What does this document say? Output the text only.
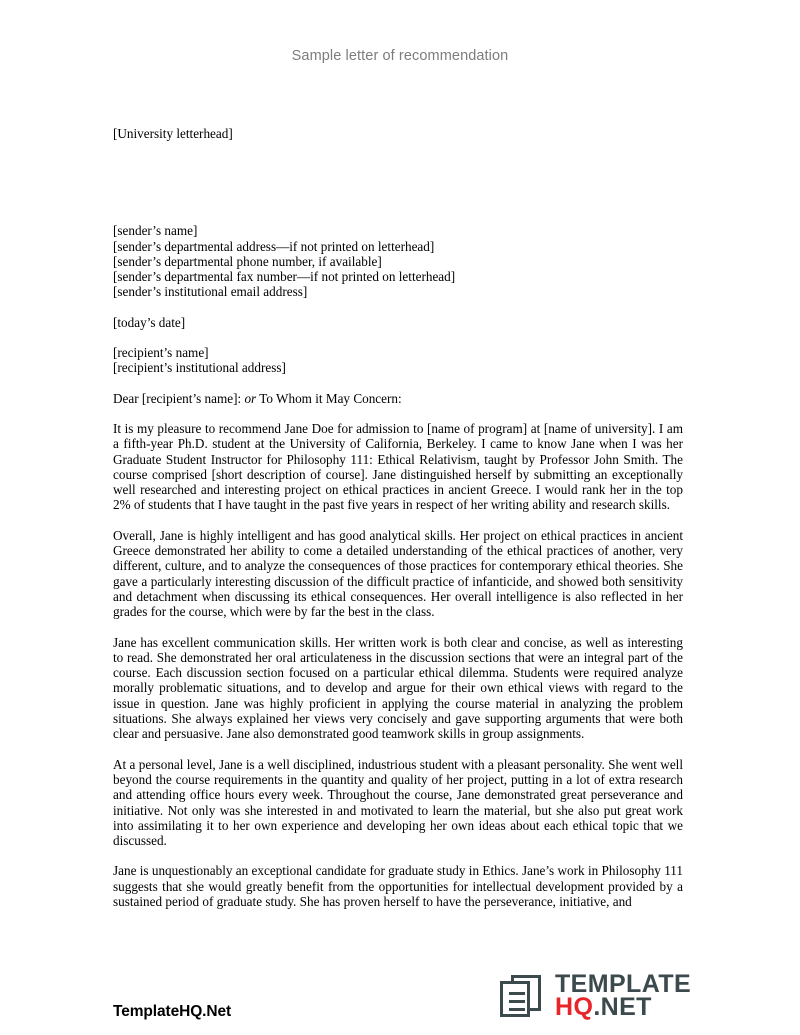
Sample letter of recommendation
[University letterhead]
[sender’s name]
[sender’s departmental address—if not printed on letterhead]
[sender’s departmental phone number, if available]
[sender’s departmental fax number—if not printed on letterhead]
[sender’s institutional email address]
[today’s date]
[recipient’s name]
[recipient’s institutional address]
Dear [recipient’s name]: or To Whom it May Concern:

It is my pleasure to recommend Jane Doe for admission to [name of program] at [name of university]. I am a fifth-year Ph.D. student at the University of California, Berkeley. I came to know Jane when I was her Graduate Student Instructor for Philosophy 111: Ethical Relativism, taught by Professor John Smith. The course comprised [short description of course]. Jane distinguished herself by submitting an exceptionally well researched and interesting project on ethical practices in ancient Greece. I would rank her in the top 2% of students that I have taught in the past five years in respect of her writing ability and research skills.

Overall, Jane is highly intelligent and has good analytical skills. Her project on ethical practices in ancient Greece demonstrated her ability to come a detailed understanding of the ethical practices of another, very different, culture, and to analyze the consequences of those practices for contemporary ethical theories. She gave a particularly interesting discussion of the difficult practice of infanticide, and showed both sensitivity and detachment when discussing its ethical consequences. Her overall intelligence is also reflected in her grades for the course, which were by far the best in the class.

Jane has excellent communication skills. Her written work is both clear and concise, as well as interesting to read. She demonstrated her oral articulateness in the discussion sections that were an integral part of the course. Each discussion section focused on a particular ethical dilemma. Students were required analyze morally problematic situations, and to develop and argue for their own ethical views with regard to the issue in question. Jane was highly proficient in applying the course material in analyzing the problem situations. She always explained her views very concisely and gave supporting arguments that were both clear and persuasive. Jane also demonstrated good teamwork skills in group assignments.

At a personal level, Jane is a well disciplined, industrious student with a pleasant personality. She went well beyond the course requirements in the quantity and quality of her project, putting in a lot of extra research and attending office hours every week. Throughout the course, Jane demonstrated great perseverance and initiative. Not only was she interested in and motivated to learn the material, but she also put great work into assimilating it to her own experience and developing her own ideas about each ethical topic that we discussed.

Jane is unquestionably an exceptional candidate for graduate study in Ethics. Jane’s work in Philosophy 111 suggests that she would greatly benefit from the opportunities for intellectual development provided by a sustained period of graduate study. She has proven herself to have the perseverance, initiative, and

TemplateHQ.Net
TEMPLATE
HQ.NET
